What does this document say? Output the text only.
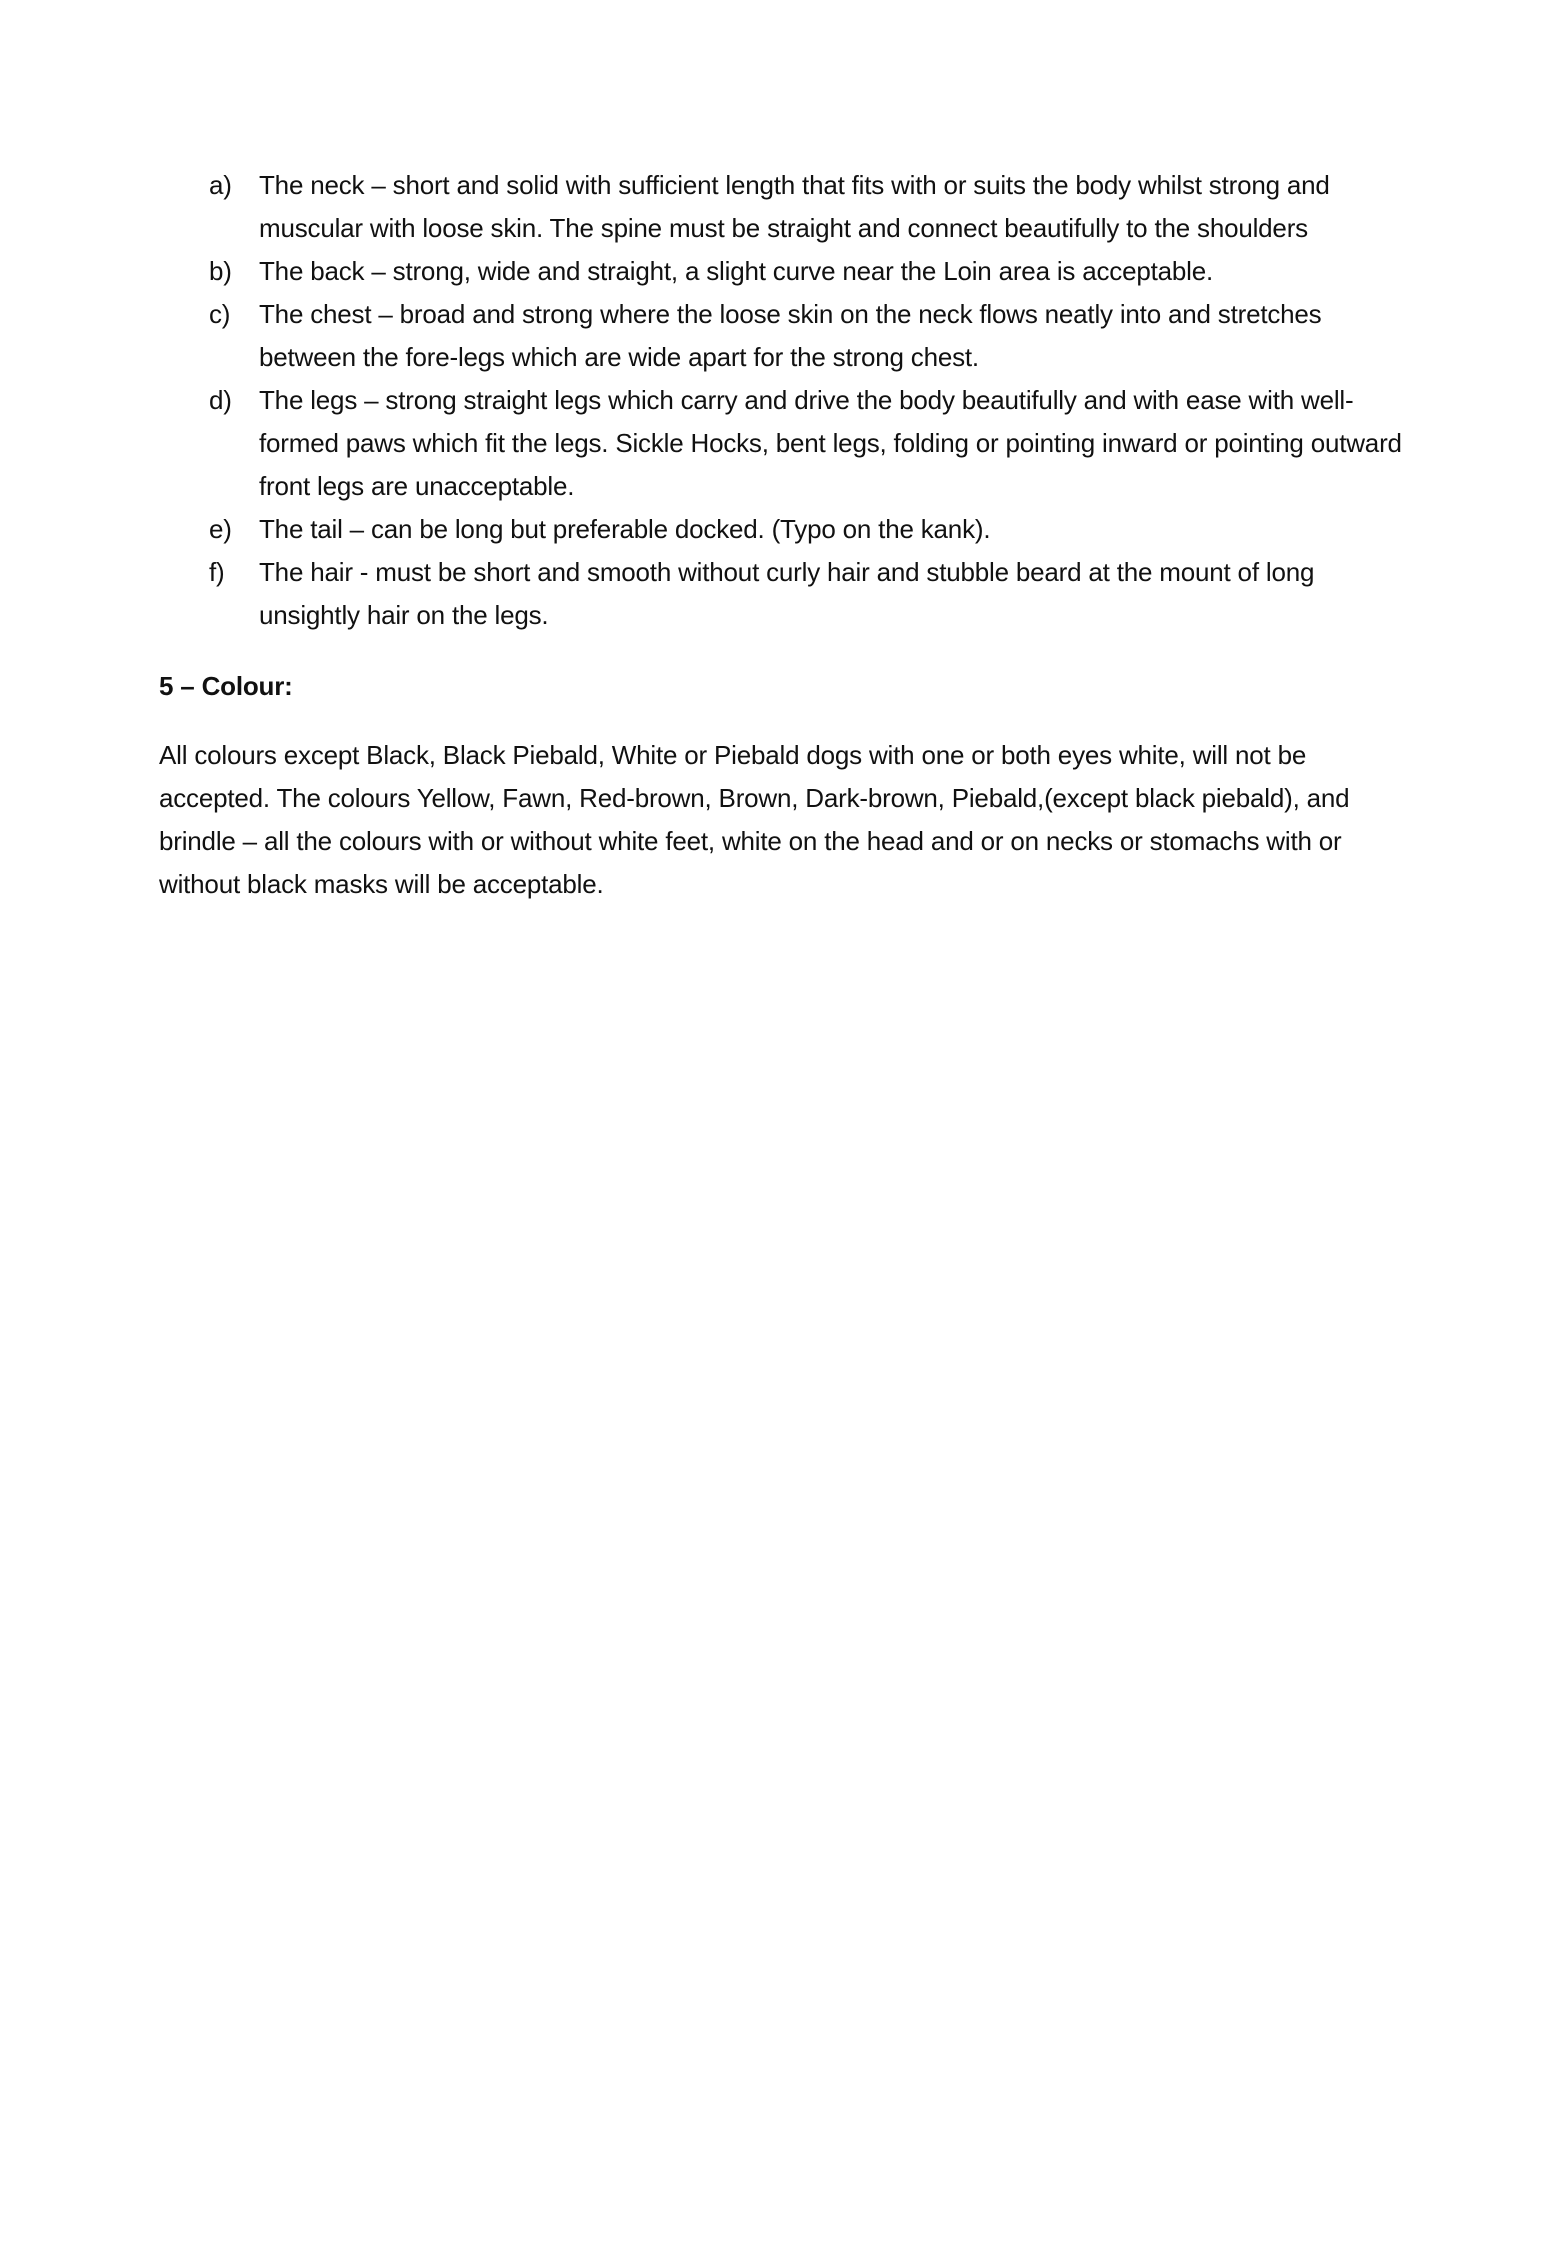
a)	The neck – short and solid with sufficient length that fits with or suits the body whilst strong and muscular with loose skin. The spine must be straight and connect beautifully to the shoulders
b)	The back – strong, wide and straight, a slight curve near the Loin area is acceptable.
c)	The chest – broad and strong where the loose skin on the neck flows neatly into and stretches between the fore-legs which are wide apart for the strong chest.
d)	The legs – strong straight legs which carry and drive the body beautifully and with ease with well-formed paws which fit the legs. Sickle Hocks, bent legs, folding or pointing inward or pointing outward front legs are unacceptable.
e)	The tail – can be long but preferable docked. (Typo on the kank).
f)	The hair - must be short and smooth without curly hair and stubble beard at the mount of long unsightly hair on the legs.
5 – Colour:

All colours except Black, Black Piebald, White or Piebald dogs with one or both eyes white, will not be accepted. The colours Yellow, Fawn, Red-brown, Brown, Dark-brown, Piebald,(except black piebald), and brindle – all the colours with or without white feet, white on the head and or on necks or stomachs with or without black masks will be acceptable.
